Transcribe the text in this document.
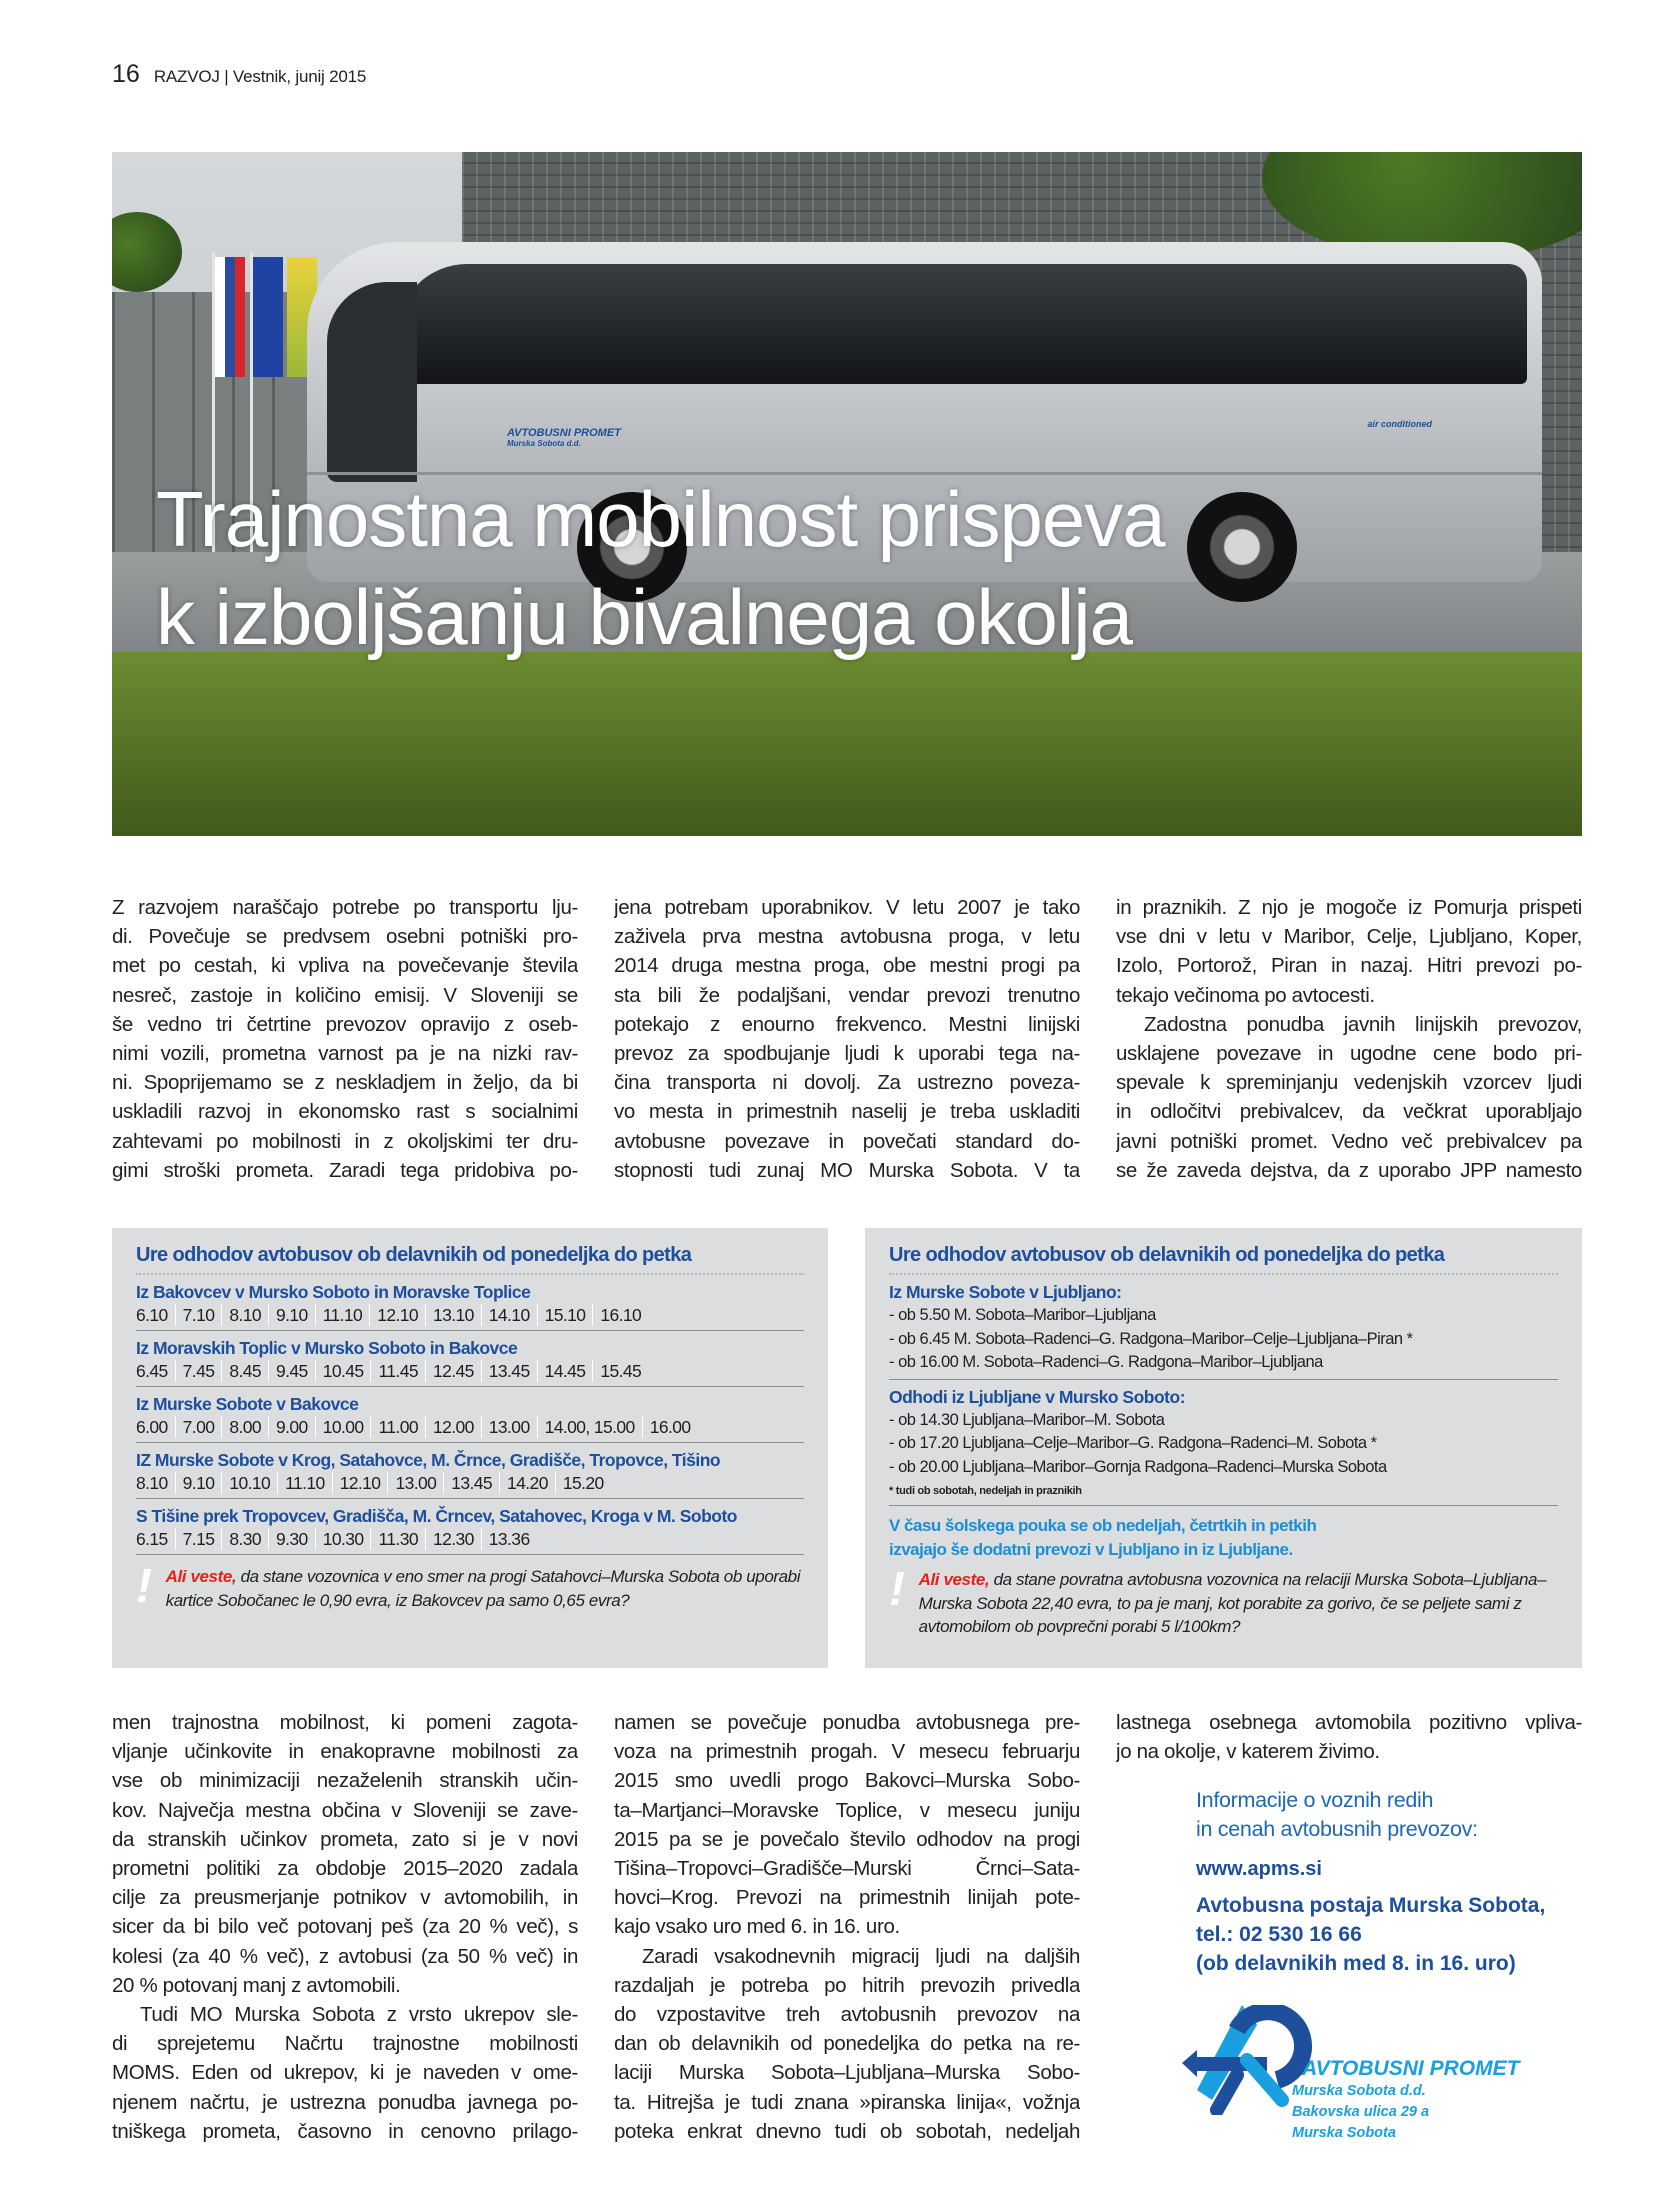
16 RAZVOJ | Vestnik, junij 2015
AVTOBUSNI PROMET
Murska Sobota d.d.
air conditioned
Trajnostna mobilnost prispeva
k izboljšanju bivalnega okolja
Z razvojem naraščajo potrebe po transportu lju-
di. Povečuje se predvsem osebni potniški pro-
met po cestah, ki vpliva na povečevanje števila
nesreč, zastoje in količino emisij. V Sloveniji se
še vedno tri četrtine prevozov opravijo z oseb-
nimi vozili, prometna varnost pa je na nizki rav-
ni. Spoprijemamo se z neskladjem in željo, da bi
uskladili razvoj in ekonomsko rast s socialnimi
zahtevami po mobilnosti in z okoljskimi ter dru-
gimi stroški prometa. Zaradi tega pridobiva po-
jena potrebam uporabnikov. V letu 2007 je tako
zaživela prva mestna avtobusna proga, v letu
2014 druga mestna proga, obe mestni progi pa
sta bili že podaljšani, vendar prevozi trenutno
potekajo z enourno frekvenco. Mestni linijski
prevoz za spodbujanje ljudi k uporabi tega na-
čina transporta ni dovolj. Za ustrezno poveza-
vo mesta in primestnih naselij je treba uskladiti
avtobusne povezave in povečati standard do-
stopnosti tudi zunaj MO Murska Sobota. V ta
in praznikih. Z njo je mogoče iz Pomurja prispeti
vse dni v letu v Maribor, Celje, Ljubljano, Koper,
Izolo, Portorož, Piran in nazaj. Hitri prevozi po-
tekajo večinoma po avtocesti.
Zadostna ponudba javnih linijskih prevozov,
usklajene povezave in ugodne cene bodo pri-
spevale k spreminjanju vedenjskih vzorcev ljudi
in odločitvi prebivalcev, da večkrat uporabljajo
javni potniški promet. Vedno več prebivalcev pa
se že zaveda dejstva, da z uporabo JPP namesto
Ure odhodov avtobusov ob delavnikih od ponedeljka do petka
Iz Bakovcev v Mursko Soboto in Moravske Toplice
6.10 7.10 8.10 9.10 11.10 12.10 13.10 14.10 15.10 16.10
Iz Moravskih Toplic v Mursko Soboto in Bakovce
6.45 7.45 8.45 9.45 10.45 11.45 12.45 13.45 14.45 15.45
Iz Murske Sobote v Bakovce
6.00 7.00 8.00 9.00 10.00 11.00 12.00 13.00 14.00, 15.00 16.00
IZ Murske Sobote v Krog, Satahovce, M. Črnce, Gradišče, Tropovce, Tišino
8.10 9.10 10.10 11.10 12.10 13.00 13.45 14.20 15.20
S Tišine prek Tropovcev, Gradišča, M. Črncev, Satahovec, Kroga v M. Soboto
6.15 7.15 8.30 9.30 10.30 11.30 12.30 13.36
! Ali veste, da stane vozovnica v eno smer na progi Satahovci–Murska Sobota ob uporabi kartice Sobočanec le 0,90 evra, iz Bakovcev pa samo 0,65 evra?
Ure odhodov avtobusov ob delavnikih od ponedeljka do petka
Iz Murske Sobote v Ljubljano:
- ob 5.50 M. Sobota–Maribor–Ljubljana
- ob 6.45 M. Sobota–Radenci–G. Radgona–Maribor–Celje–Ljubljana–Piran *
- ob 16.00 M. Sobota–Radenci–G. Radgona–Maribor–Ljubljana
Odhodi iz Ljubljane v Mursko Soboto:
- ob 14.30 Ljubljana–Maribor–M. Sobota
- ob 17.20 Ljubljana–Celje–Maribor–G. Radgona–Radenci–M. Sobota *
- ob 20.00 Ljubljana–Maribor–Gornja Radgona–Radenci–Murska Sobota
* tudi ob sobotah, nedeljah in praznikih
V času šolskega pouka se ob nedeljah, četrtkih in petkih
izvajajo še dodatni prevozi v Ljubljano in iz Ljubljane.
! Ali veste, da stane povratna avtobusna vozovnica na relaciji Murska Sobota–Ljubljana–Murska Sobota 22,40 evra, to pa je manj, kot porabite za gorivo, če se peljete sami z avtomobilom ob povprečni porabi 5 l/100km?
men trajnostna mobilnost, ki pomeni zagota-
vljanje učinkovite in enakopravne mobilnosti za
vse ob minimizaciji nezaželenih stranskih učin-
kov. Največja mestna občina v Sloveniji se zave-
da stranskih učinkov prometa, zato si je v novi
prometni politiki za obdobje 2015–2020 zadala
cilje za preusmerjanje potnikov v avtomobilih, in
sicer da bi bilo več potovanj peš (za 20 % več), s
kolesi (za 40 % več), z avtobusi (za 50 % več) in
20 % potovanj manj z avtomobili.
Tudi MO Murska Sobota z vrsto ukrepov sle-
di sprejetemu Načrtu trajnostne mobilnosti
MOMS. Eden od ukrepov, ki je naveden v ome-
njenem načrtu, je ustrezna ponudba javnega po-
tniškega prometa, časovno in cenovno prilago-
namen se povečuje ponudba avtobusnega pre-
voza na primestnih progah. V mesecu februarju
2015 smo uvedli progo Bakovci–Murska Sobo-
ta–Martjanci–Moravske Toplice, v mesecu juniju
2015 pa se je povečalo število odhodov na progi
Tišina–Tropovci–Gradišče–Murski Črnci–Sata-
hovci–Krog. Prevozi na primestnih linijah pote-
kajo vsako uro med 6. in 16. uro.
Zaradi vsakodnevnih migracij ljudi na daljših
razdaljah je potreba po hitrih prevozih privedla
do vzpostavitve treh avtobusnih prevozov na
dan ob delavnikih od ponedeljka do petka na re-
laciji Murska Sobota–Ljubljana–Murska Sobo-
ta. Hitrejša je tudi znana »piranska linija«, vožnja
poteka enkrat dnevno tudi ob sobotah, nedeljah
lastnega osebnega avtomobila pozitivno vpliva-
jo na okolje, v katerem živimo.
Informacije o voznih redih
in cenah avtobusnih prevozov:
www.apms.si
Avtobusna postaja Murska Sobota,
tel.: 02 530 16 66
(ob delavnikih med 8. in 16. uro)
AVTOBUSNI PROMET
Murska Sobota d.d.
Bakovska ulica 29 a
Murska Sobota
